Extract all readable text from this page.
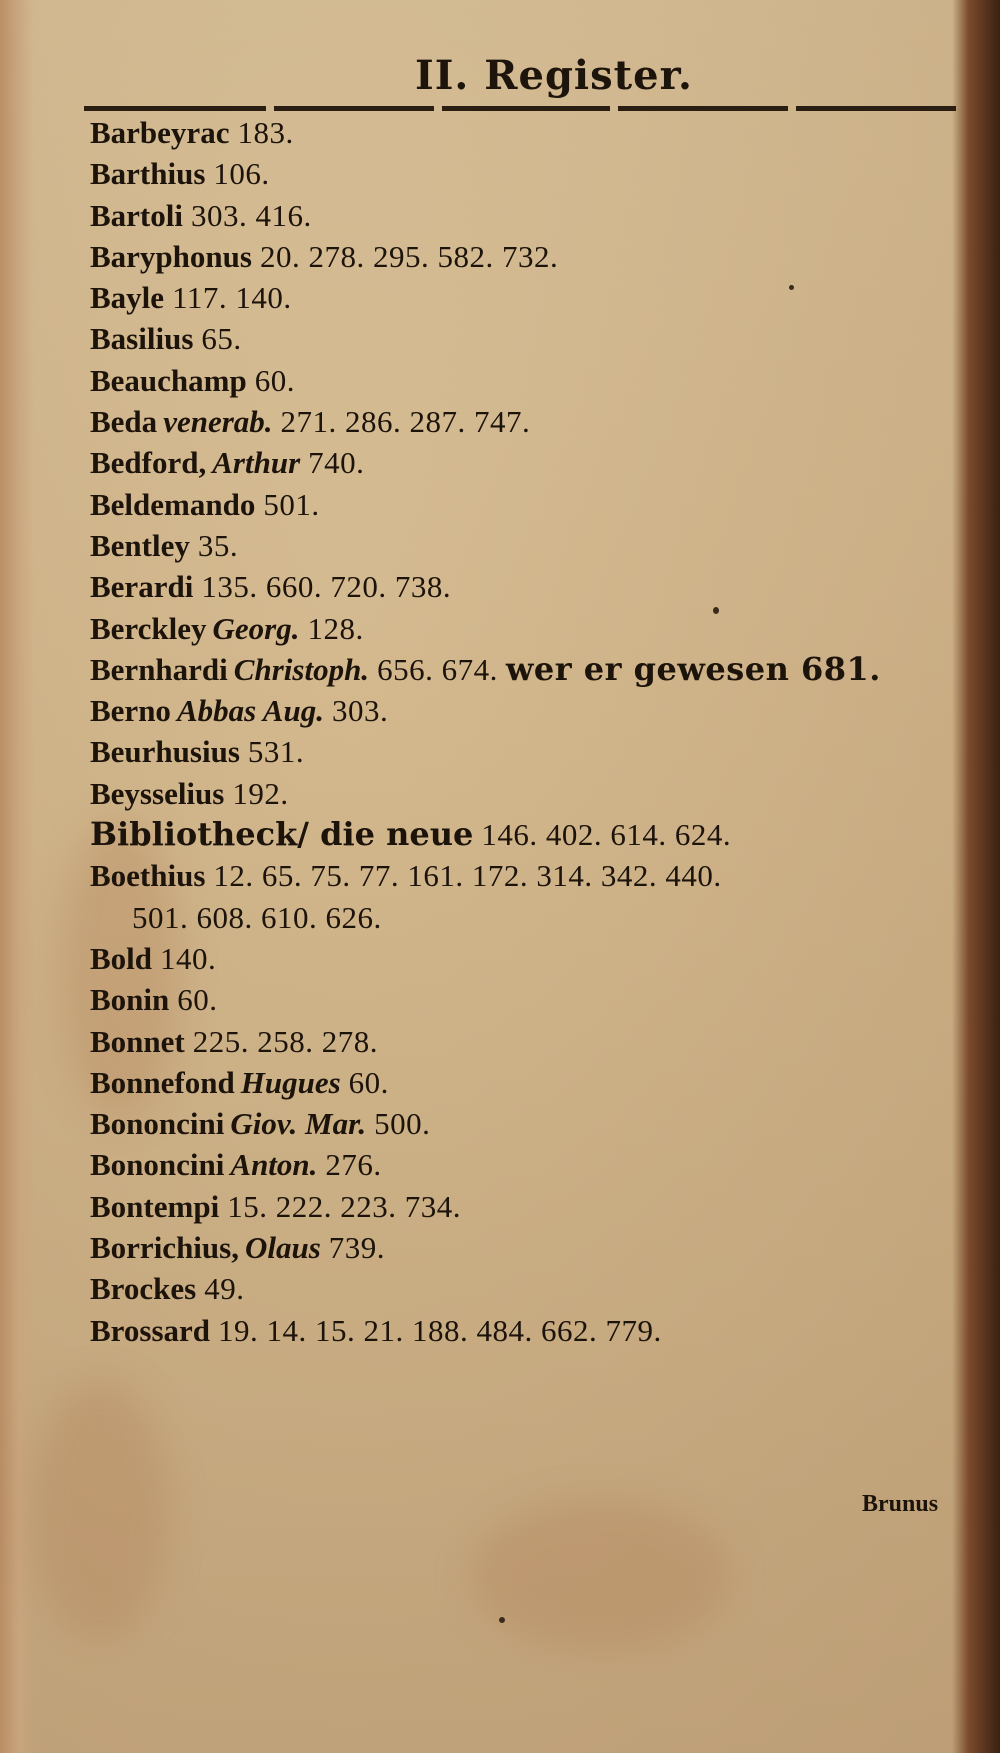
II. Register.
Barbeyrac 183.
Barthius 106.
Bartoli 303. 416.
Baryphonus 20. 278. 295. 582. 732.
Bayle 117. 140.
Basilius 65.
Beauchamp 60.
Beda venerab. 271. 286. 287. 747.
Bedford, Arthur 740.
Beldemando 501.
Bentley 35.
Berardi 135. 660. 720. 738.
Berckley Georg. 128.
Bernhardi Christoph. 656. 674. wer er gewesen 681.
Berno Abbas Aug. 303.
Beurhusius 531.
Beysselius 192.
Bibliotheck/ die neue 146. 402. 614. 624.
Boethius 12. 65. 75. 77. 161. 172. 314. 342. 440.
501. 608. 610. 626.
Bold 140.
Bonin 60.
Bonnet 225. 258. 278.
Bonnefond Hugues 60.
Bononcini Giov. Mar. 500.
Bononcini Anton. 276.
Bontempi 15. 222. 223. 734.
Borrichius, Olaus 739.
Brockes 49.
Brossard 19. 14. 15. 21. 188. 484. 662. 779.
Brunus
